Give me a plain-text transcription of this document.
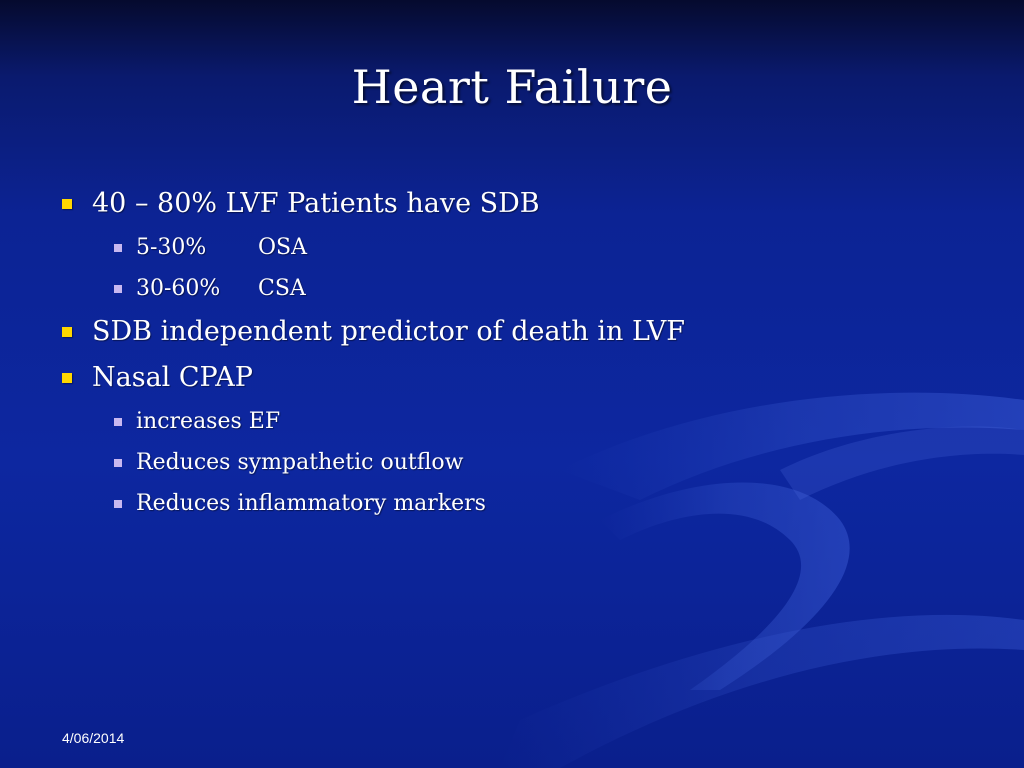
Heart Failure
40 – 80% LVF Patients have SDB
5-30%	OSA
30-60%	CSA
SDB independent predictor of death in LVF
Nasal CPAP
increases EF
Reduces sympathetic outflow
Reduces inflammatory markers
4/06/2014
